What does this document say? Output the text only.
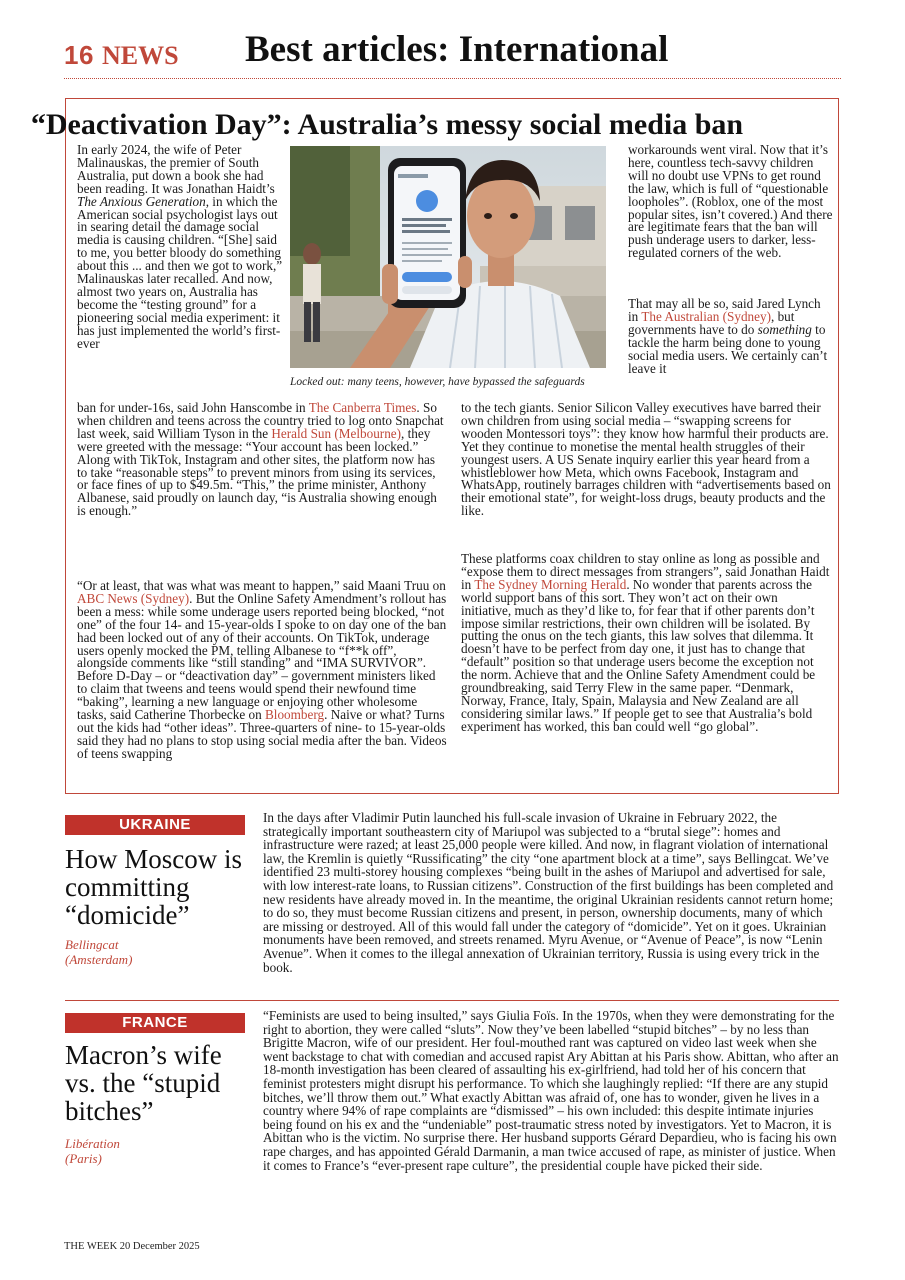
16 NEWS Best articles: International
“Deactivation Day”: Australia’s messy social media ban

In early 2024, the wife of Peter Malinauskas, the premier of South Australia, put down a book she had been reading. It was Jonathan Haidt’s The Anxious Generation, in which the American social psychologist lays out in searing detail the damage social media is causing children. “[She] said to me, you better bloody do something about this ... and then we got to work,” Malinauskas later recalled. And now, almost two years on, Australia has become the “testing ground” for a pioneering social media experiment: it has just implemented the world’s first-ever

ban for under-16s, said John Hanscombe in The Canberra Times. So when children and teens across the country tried to log onto Snapchat last week, said William Tyson in the Herald Sun (Melbourne), they were greeted with the message: “Your account has been locked.” Along with TikTok, Instagram and other sites, the platform now has to take “reasonable steps” to prevent minors from using its services, or face fines of up to $49.5m. “This,” the prime minister, Anthony Albanese, said proudly on launch day, “is Australia showing enough is enough.”

“Or at least, that was what was meant to happen,” said Maani Truu on ABC News (Sydney). But the Online Safety Amendment’s rollout has been a mess: while some underage users reported being blocked, “not one” of the four 14- and 15-year-olds I spoke to on day one of the ban had been locked out of any of their accounts. On TikTok, underage users openly mocked the PM, telling Albanese to “f**k off”, alongside comments like “still standing” and “IMA SURVIVOR”. Before D-Day – or “deactivation day” – government ministers liked to claim that tweens and teens would spend their newfound time “baking”, learning a new language or enjoying other wholesome tasks, said Catherine Thorbecke on Bloomberg. Naive or what? Turns out the kids had “other ideas”. Three-quarters of nine- to 15-year-olds said they had no plans to stop using social media after the ban. Videos of teens swapping

Locked out: many teens, however, have bypassed the safeguards

workarounds went viral. Now that it’s here, countless tech-savvy children will no doubt use VPNs to get round the law, which is full of “questionable loopholes”. (Roblox, one of the most popular sites, isn’t covered.) And there are legitimate fears that the ban will push underage users to darker, less-regulated corners of the web.

That may all be so, said Jared Lynch in The Australian (Sydney), but governments have to do something to tackle the harm being done to young social media users. We certainly can’t leave it

to the tech giants. Senior Silicon Valley executives have barred their own children from using social media – “swapping screens for wooden Montessori toys”: they know how harmful their products are. Yet they continue to monetise the mental health struggles of their youngest users. A US Senate inquiry earlier this year heard from a whistleblower how Meta, which owns Facebook, Instagram and WhatsApp, routinely barrages children with “advertisements based on their emotional state”, for weight-loss drugs, beauty products and the like.

These platforms coax children to stay online as long as possible and “expose them to direct messages from strangers”, said Jonathan Haidt in The Sydney Morning Herald. No wonder that parents across the world support bans of this sort. They won’t act on their own initiative, much as they’d like to, for fear that if other parents don’t impose similar restrictions, their own children will be isolated. By putting the onus on the tech giants, this law solves that dilemma. It doesn’t have to be perfect from day one, it just has to change that “default” position so that underage users become the exception not the norm. Achieve that and the Online Safety Amendment could be groundbreaking, said Terry Flew in the same paper. “Denmark, Norway, France, Italy, Spain, Malaysia and New Zealand are all considering similar laws.” If people get to see that Australia’s bold experiment has worked, this ban could well “go global”.

UKRAINE

How Moscow is committing “domicide”

Bellingcat
(Amsterdam)

In the days after Vladimir Putin launched his full-scale invasion of Ukraine in February 2022, the strategically important southeastern city of Mariupol was subjected to a “brutal siege”: homes and infrastructure were razed; at least 25,000 people were killed. And now, in flagrant violation of international law, the Kremlin is quietly “Russificating” the city “one apartment block at a time”, says Bellingcat. We’ve identified 23 multi-storey housing complexes “being built in the ashes of Mariupol and advertised for sale, with low interest-rate loans, to Russian citizens”. Construction of the first buildings has been completed and new residents have already moved in. In the meantime, the original Ukrainian residents cannot return home; to do so, they must become Russian citizens and present, in person, ownership documents, many of which are missing or destroyed. All of this would fall under the category of “domicide”. Yet on it goes. Ukrainian monuments have been removed, and streets renamed. Myru Avenue, or “Avenue of Peace”, is now “Lenin Avenue”. When it comes to the illegal annexation of Ukrainian territory, Russia is using every trick in the book.

FRANCE

Macron’s wife vs. the “stupid bitches”

Libération
(Paris)

“Feminists are used to being insulted,” says Giulia Foïs. In the 1970s, when they were demonstrating for the right to abortion, they were called “sluts”. Now they’ve been labelled “stupid bitches” – by no less than Brigitte Macron, wife of our president. Her foul-mouthed rant was captured on video last week when she went backstage to chat with comedian and accused rapist Ary Abittan at his Paris show. Abittan, who after an 18-month investigation has been cleared of assaulting his ex-girlfriend, had told her of his concern that feminist protesters might disrupt his performance. To which she laughingly replied: “If there are any stupid bitches, we’ll throw them out.” What exactly Abittan was afraid of, one has to wonder, given he lives in a country where 94% of rape complaints are “dismissed” – his own included: this despite intimate injuries being found on his ex and the “undeniable” post-traumatic stress noted by investigators. Yet to Macron, it is Abittan who is the victim. No surprise there. Her husband supports Gérard Depardieu, who is facing his own rape charges, and has appointed Gérald Darmanin, a man twice accused of rape, as minister of justice. When it comes to France’s “ever-present rape culture”, the presidential couple have picked their side.

THE WEEK 20 December 2025
